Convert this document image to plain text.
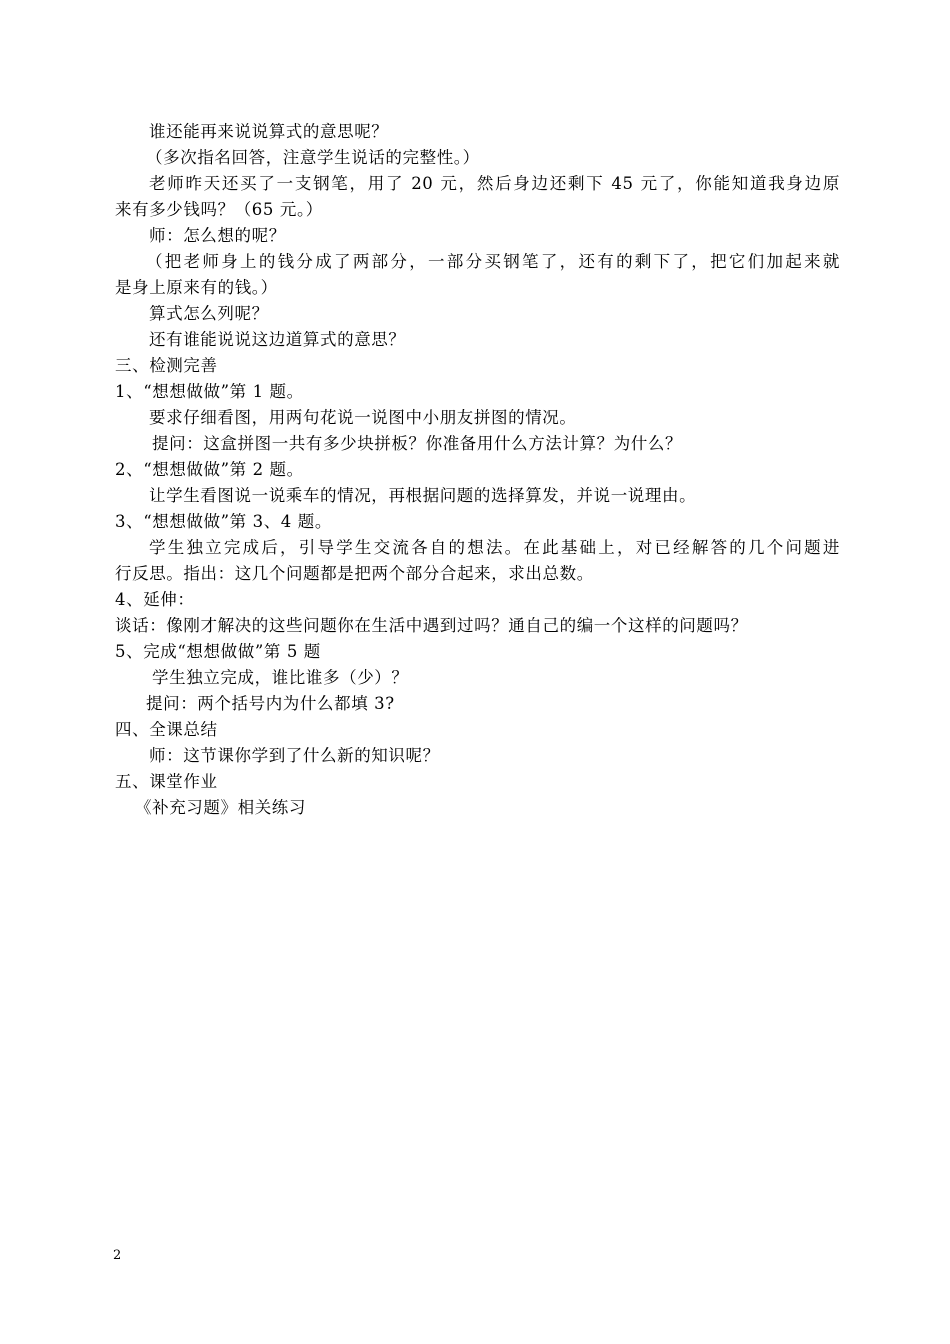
谁还能再来说说算式的意思呢？
（多次指名回答，注意学生说话的完整性。）
老师昨天还买了一支钢笔，用了 20 元，然后身边还剩下 45 元了，你能知道我身边原
来有多少钱吗？（65 元。）
师：怎么想的呢？
（把老师身上的钱分成了两部分，一部分买钢笔了，还有的剩下了，把它们加起来就
是身上原来有的钱。）
算式怎么列呢？
还有谁能说说这边道算式的意思？
三、检测完善
1、“想想做做”第 1 题。
要求仔细看图，用两句花说一说图中小朋友拼图的情况。
提问：这盒拼图一共有多少块拼板？你准备用什么方法计算？为什么？
2、“想想做做”第 2 题。
让学生看图说一说乘车的情况，再根据问题的选择算发，并说一说理由。
3、“想想做做”第 3、4 题。
学生独立完成后，引导学生交流各自的想法。在此基础上，对已经解答的几个问题进
行反思。指出：这几个问题都是把两个部分合起来，求出总数。
4、延伸：
谈话：像刚才解决的这些问题你在生活中遇到过吗？通自己的编一个这样的问题吗？
5、完成“想想做做”第 5 题
学生独立完成，谁比谁多（少）？
提问：两个括号内为什么都填 3?
四、全课总结
师：这节课你学到了什么新的知识呢？
五、课堂作业
《补充习题》相关练习
2
